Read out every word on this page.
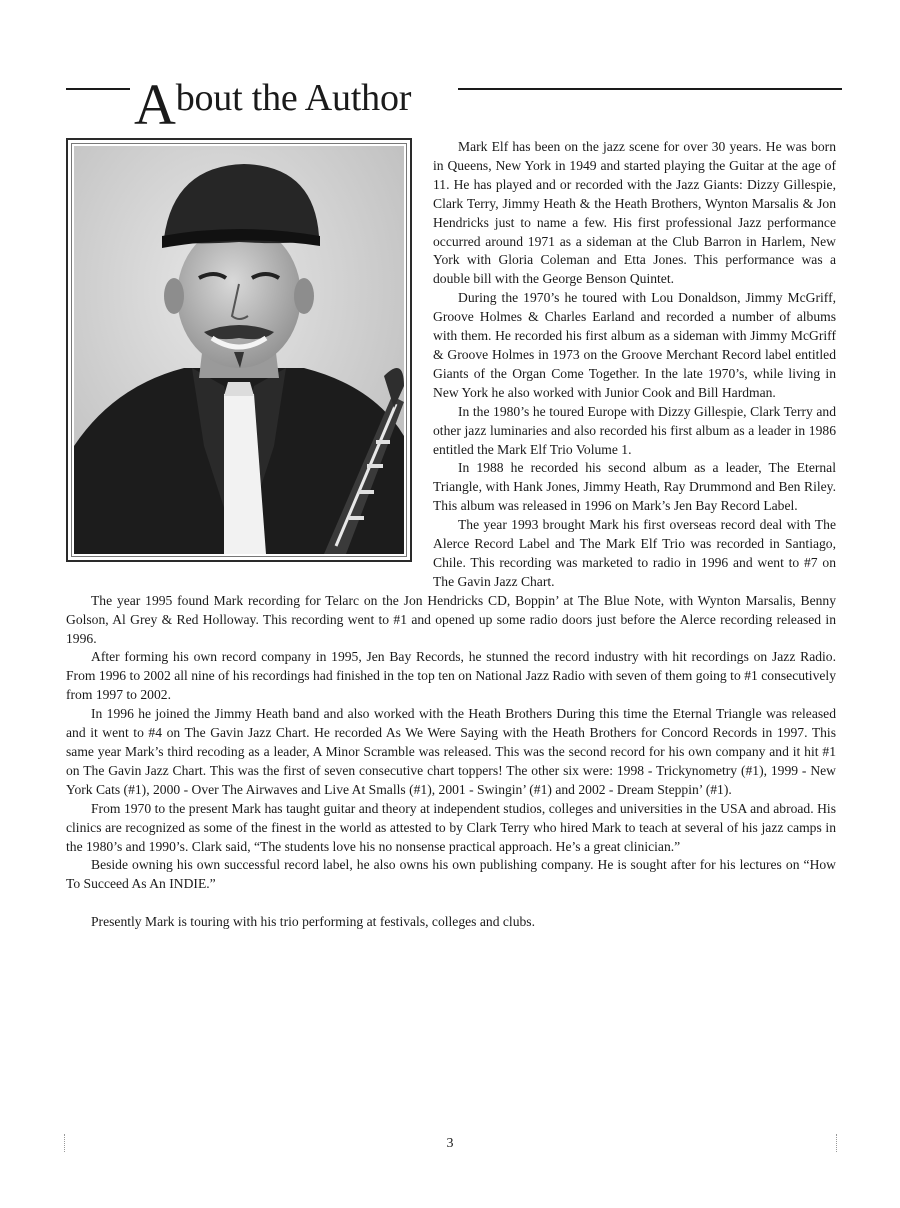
About the Author

Mark Elf has been on the jazz scene for over 30 years. He was born in Queens, New York in 1949 and started playing the Guitar at the age of 11. He has played and or recorded with the Jazz Giants: Dizzy Gillespie, Clark Terry, Jimmy Heath & the Heath Brothers, Wynton Marsalis & Jon Hendricks just to name a few. His first professional Jazz performance occurred around 1971 as a sideman at the Club Barron in Harlem, New York with Gloria Coleman and Etta Jones. This performance was a double bill with the George Benson Quintet.

During the 1970’s he toured with Lou Donaldson, Jimmy McGriff, Groove Holmes & Charles Earland and recorded a number of albums with them. He recorded his first album as a sideman with Jimmy McGriff & Groove Holmes in 1973 on the Groove Merchant Record label entitled Giants of the Organ Come Together. In the late 1970’s, while living in New York he also worked with Junior Cook and Bill Hardman.

In the 1980’s he toured Europe with Dizzy Gillespie, Clark Terry and other jazz luminaries and also recorded his first album as a leader in 1986 entitled the Mark Elf Trio Volume 1.

In 1988 he recorded his second album as a leader, The Eternal Triangle, with Hank Jones, Jimmy Heath, Ray Drummond and Ben Riley. This album was released in 1996 on Mark’s Jen Bay Record Label.

The year 1993 brought Mark his first overseas record deal with The Alerce Record Label and The Mark Elf Trio was recorded in Santiago, Chile. This recording was marketed to radio in 1996 and went to #7 on The Gavin Jazz Chart.

The year 1995 found Mark recording for Telarc on the Jon Hendricks CD, Boppin’ at The Blue Note, with Wynton Marsalis, Benny Golson, Al Grey & Red Holloway. This recording went to #1 and opened up some radio doors just before the Alerce recording released in 1996.

After forming his own record company in 1995, Jen Bay Records, he stunned the record industry with hit recordings on Jazz Radio. From 1996 to 2002 all nine of his recordings had finished in the top ten on National Jazz Radio with seven of them going to #1 consecutively from 1997 to 2002.

In 1996 he joined the Jimmy Heath band and also worked with the Heath Brothers During this time the Eternal Triangle was released and it went to #4 on The Gavin Jazz Chart. He recorded As We Were Saying with the Heath Brothers for Concord Records in 1997. This same year Mark’s third recoding as a leader, A Minor Scramble was released. This was the second record for his own company and it hit #1 on The Gavin Jazz Chart. This was the first of seven consecutive chart toppers! The other six were: 1998 - Trickynometry (#1), 1999 - New York Cats (#1), 2000 - Over The Airwaves and Live At Smalls (#1), 2001 - Swingin’ (#1) and 2002 - Dream Steppin’ (#1).

From 1970 to the present Mark has taught guitar and theory at independent studios, colleges and universities in the USA and abroad. His clinics are recognized as some of the finest in the world as attested to by Clark Terry who hired Mark to teach at several of his jazz camps in the 1980’s and 1990’s. Clark said, “The students love his no nonsense practical approach. He’s a great clinician.”

Beside owning his own successful record label, he also owns his own publishing company. He is sought after for his lectures on “How To Succeed As An INDIE.”

Presently Mark is touring with his trio performing at festivals, colleges and clubs.

3
